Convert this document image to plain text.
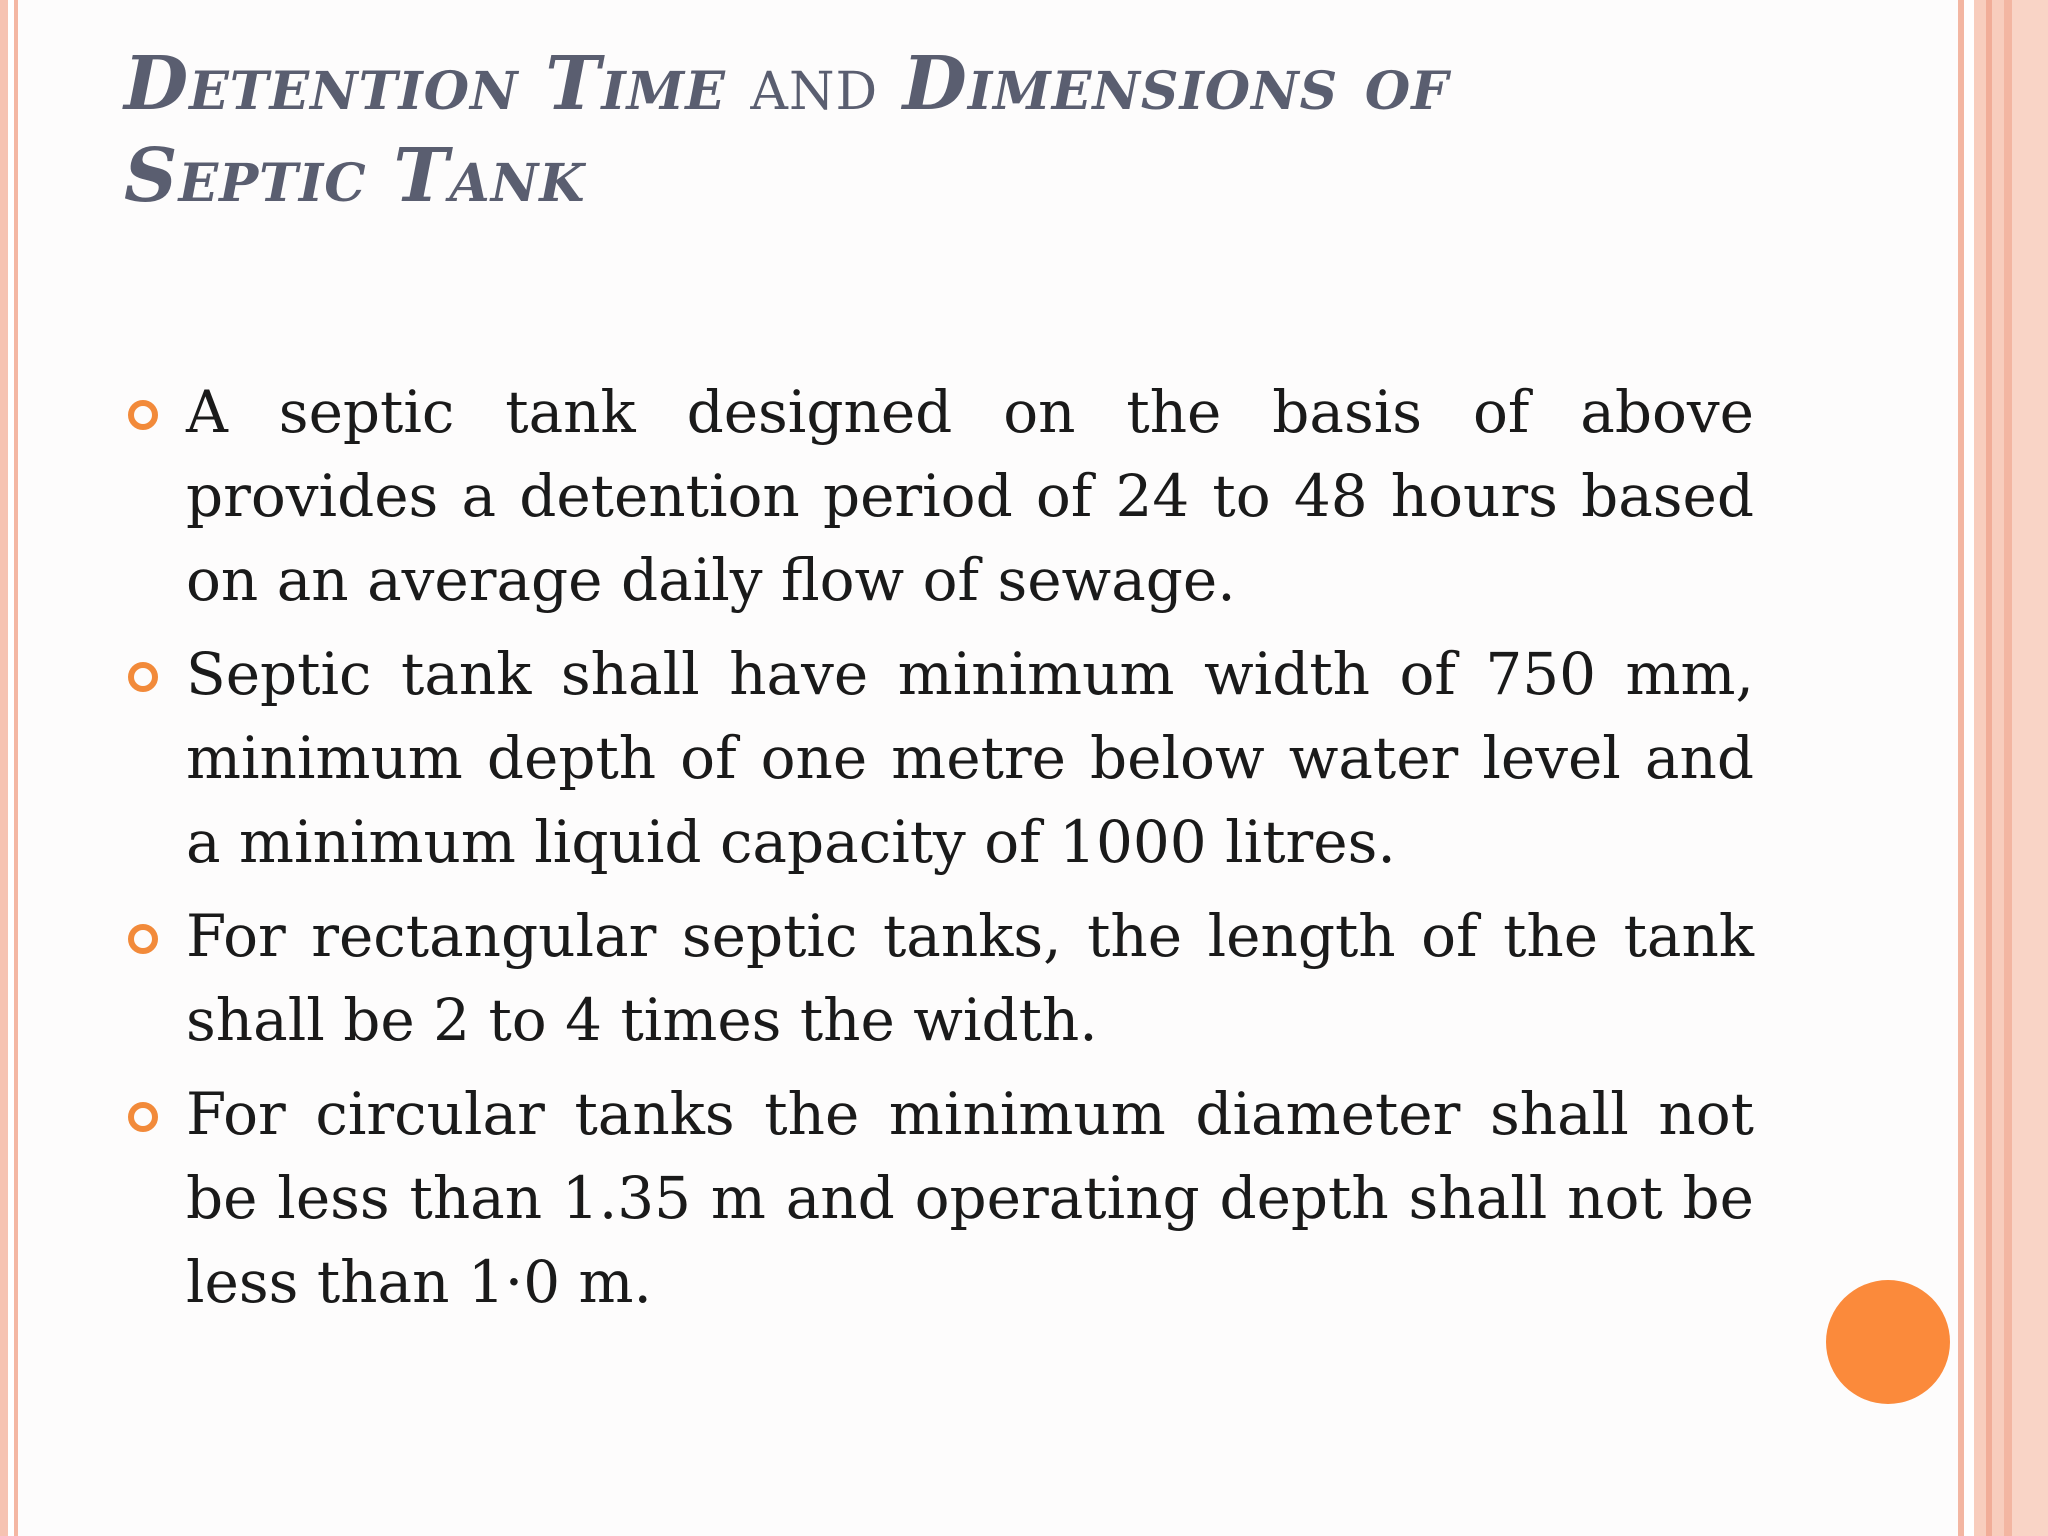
Detention Time and Dimensions of
Septic Tank
A septic tank designed on the basis of above provides a detention period of 24 to 48 hours based on an average daily flow of sewage.
Septic tank shall have minimum width of 750 mm, minimum depth of one metre below water level and a minimum liquid capacity of 1000 litres.
For rectangular septic tanks, the length of the tank shall be 2 to 4 times the width.
For circular tanks the minimum diameter shall not be less than 1.35 m and operating depth shall not be less than 1·0 m.
